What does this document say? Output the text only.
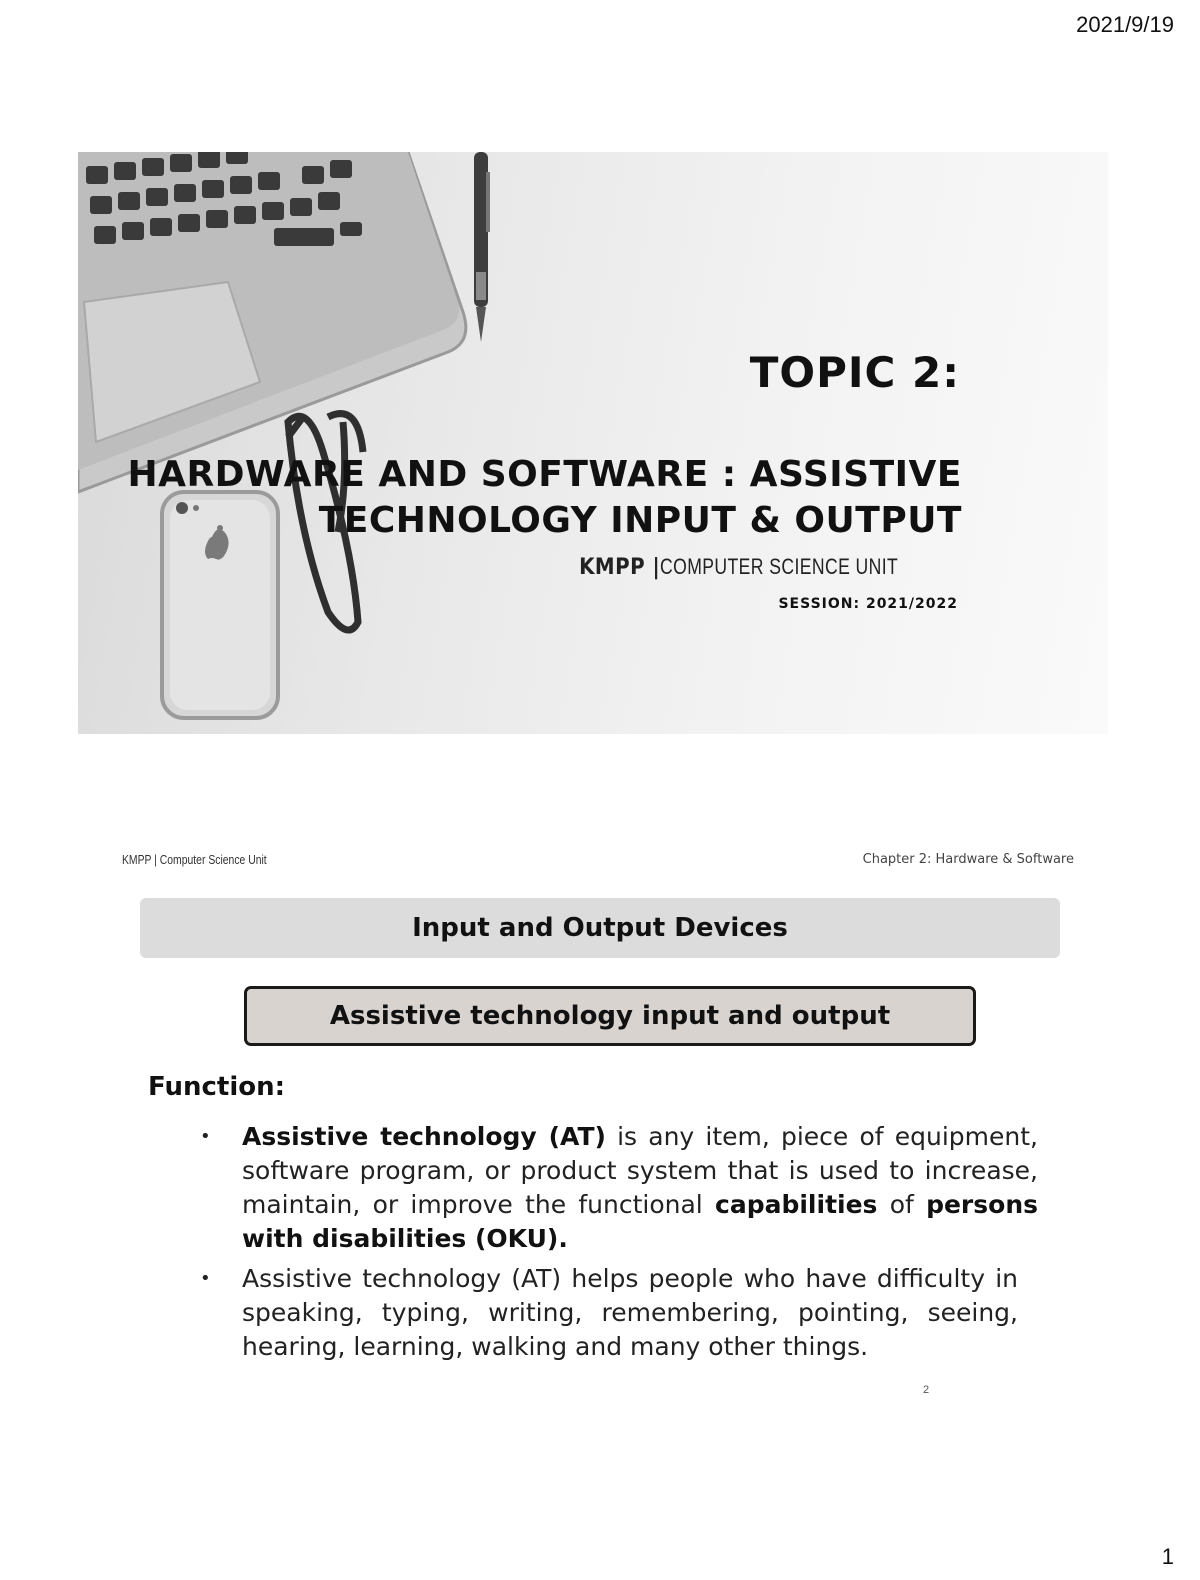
2021/9/19
TOPIC 2:
HARDWARE AND SOFTWARE : ASSISTIVE
TECHNOLOGY INPUT & OUTPUT
KMPP |COMPUTER SCIENCE UNIT
SESSION: 2021/2022
KMPP | Computer Science Unit	Chapter 2: Hardware & Software
Input and Output Devices
Assistive technology input and output
Function:
• Assistive technology (AT) is any item, piece of equipment, software program, or product system that is used to increase, maintain, or improve the functional capabilities of persons with disabilities (OKU).
• Assistive technology (AT) helps people who have difficulty in speaking, typing, writing, remembering, pointing, seeing, hearing, learning, walking and many other things.
2
1
